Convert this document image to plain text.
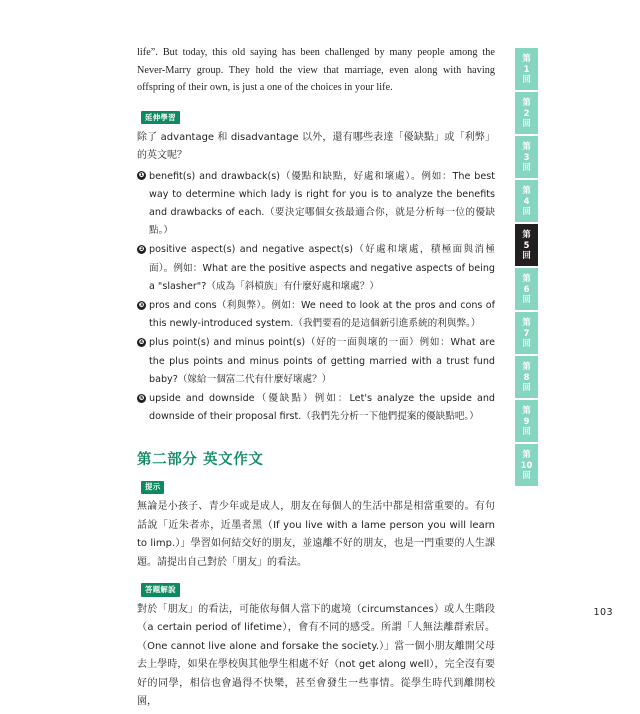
life”. But today, this old saying has been challenged by many people among the Never-Marry group. They hold the view that marriage, even along with having offspring of their own, is just a one of the choices in your life.

延伸學習

除了 advantage 和 disadvantage 以外，還有哪些表達「優缺點」或「利弊」的英文呢？

❶ benefit(s) and drawback(s)（優點和缺點，好處和壞處）。例如：The best way to determine which lady is right for you is to analyze the benefits and drawbacks of each.（要決定哪個女孩最適合你，就是分析每一位的優缺點。）
❷ positive aspect(s) and negative aspect(s)（好處和壞處，積極面與消極面）。例如：What are the positive aspects and negative aspects of being a "slasher"?（成為「斜槓族」有什麼好處和壞處？）
❸ pros and cons（利與弊）。例如：We need to look at the pros and cons of this newly-introduced system.（我們要看的是這個新引進系統的利與弊。）
❹ plus point(s) and minus point(s)（好的一面與壞的一面）例如：What are the plus points and minus points of getting married with a trust fund baby?（嫁給一個富二代有什麼好壞處？）
❺ upside and downside（優缺點）例如：Let's analyze the upside and downside of their proposal first.（我們先分析一下他們提案的優缺點吧。）
第二部分 英文作文
提示

無論是小孩子、青少年或是成人，朋友在每個人的生活中都是相當重要的。有句話說「近朱者赤，近墨者黑（If you live with a lame person you will learn to limp.）」學習如何結交好的朋友，並遠離不好的朋友，也是一門重要的人生課題。請提出自己對於「朋友」的看法。

答題解說

對於「朋友」的看法，可能依每個人當下的處境（circumstances）或人生階段（a certain period of lifetime），會有不同的感受。所謂「人無法離群索居。（One cannot live alone and forsake the society.）」當一個小朋友離開父母去上學時，如果在學校與其他學生相處不好（not get along well），完全沒有要好的同學，相信也會過得不快樂，甚至會發生一些事情。從學生時代到離開校園，

第
1
回
第
2
回
第
3
回
第
4
回
第
5
回
第
6
回
第
7
回
第
8
回
第
9
回
第
10
回
103
